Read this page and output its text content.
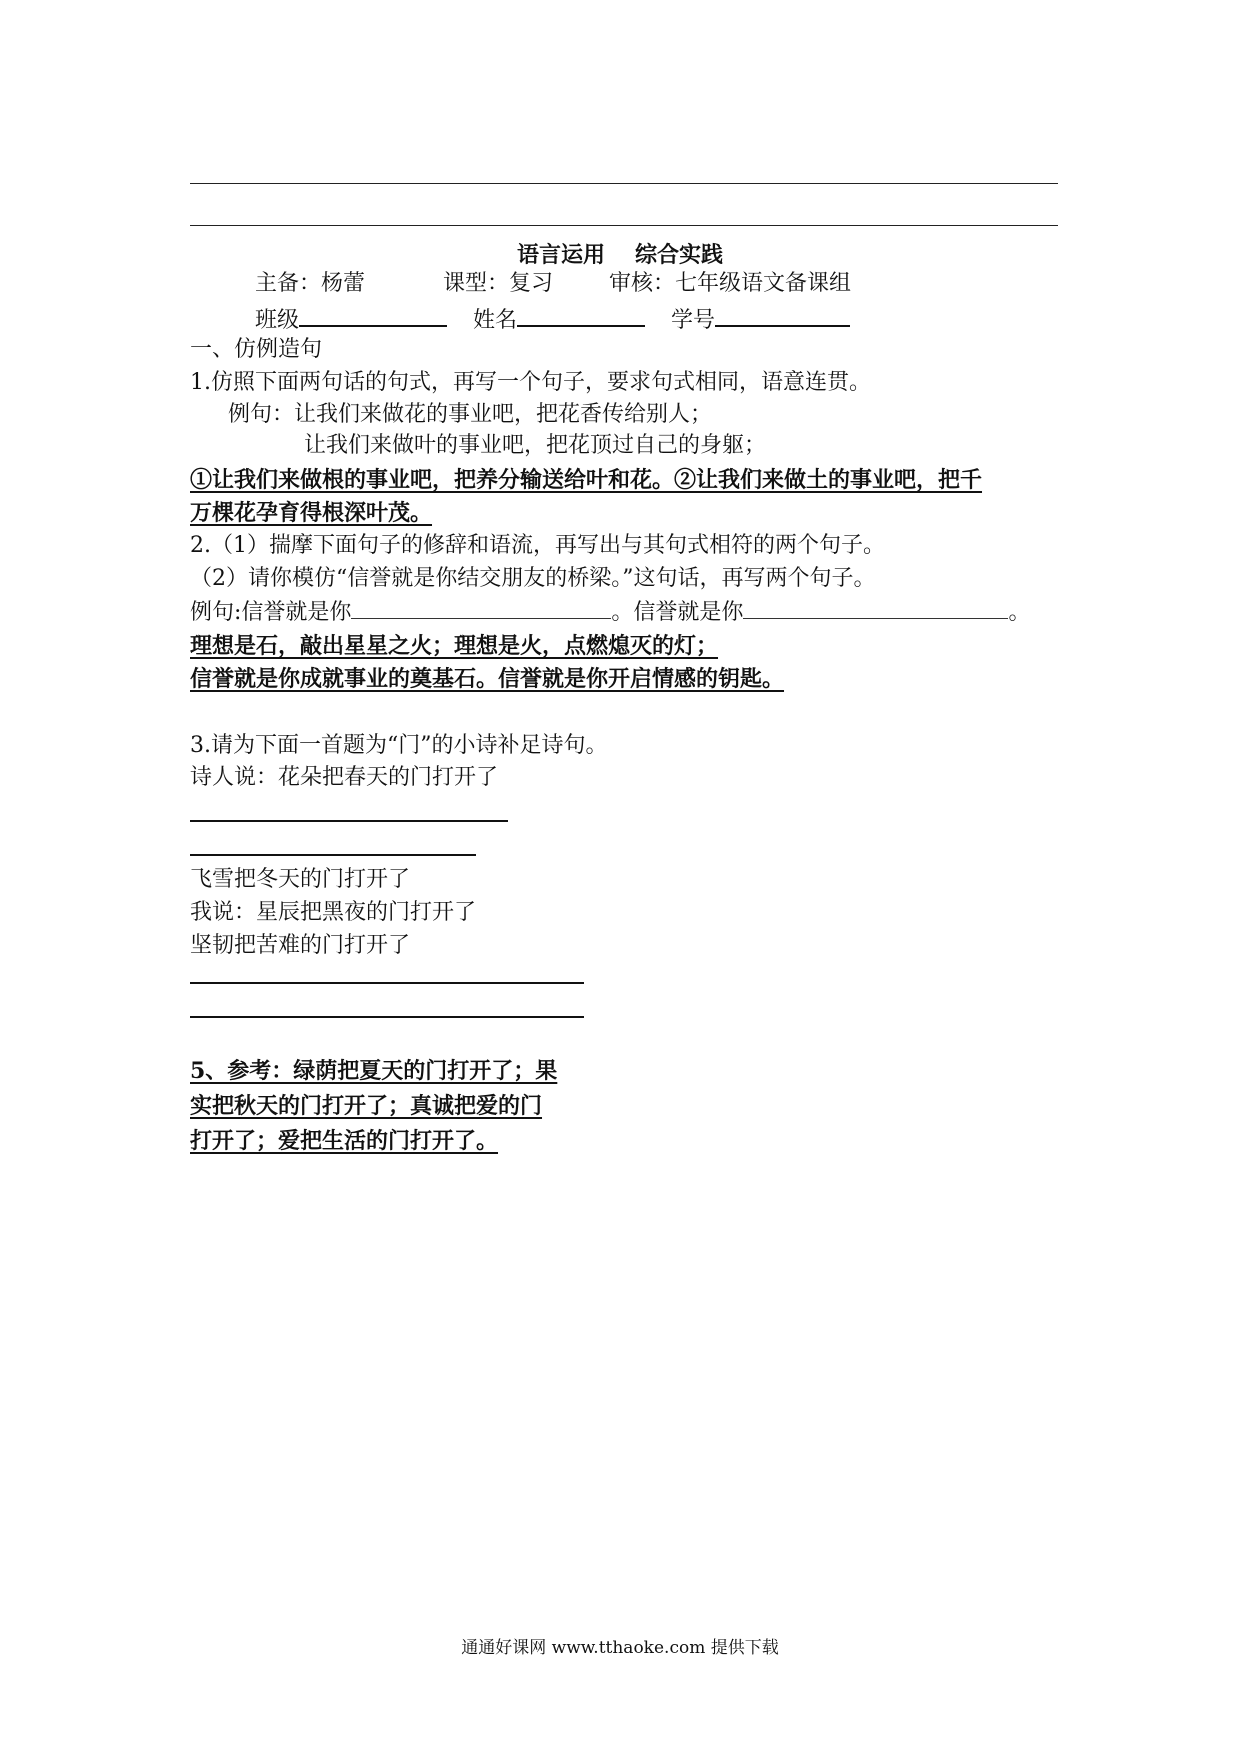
语言运用 综合实践
主备：杨蕾	课型：复习	审核：七年级语文备课组
班级	姓名	学号
一、仿例造句
1.仿照下面两句话的句式，再写一个句子，要求句式相同，语意连贯。
例句：让我们来做花的事业吧，把花香传给别人；
让我们来做叶的事业吧，把花顶过自己的身躯；
①让我们来做根的事业吧，把养分输送给叶和花。②让我们来做土的事业吧，把千
万棵花孕育得根深叶茂。
2.（1）揣摩下面句子的修辞和语流，再写出与其句式相符的两个句子。
（2）请你模仿“信誉就是你结交朋友的桥梁。”这句话，再写两个句子。
例句:信誉就是你	。信誉就是你	。
理想是石，敲出星星之火；理想是火，点燃熄灭的灯；
信誉就是你成就事业的奠基石。信誉就是你开启情感的钥匙。
3.请为下面一首题为“门”的小诗补足诗句。
诗人说：花朵把春天的门打开了
飞雪把冬天的门打开了
我说：星辰把黑夜的门打开了
坚韧把苦难的门打开了
5、参考：绿荫把夏天的门打开了；果
实把秋天的门打开了；真诚把爱的门
打开了；爱把生活的门打开了。
通通好课网 www.tthaoke.com 提供下载
